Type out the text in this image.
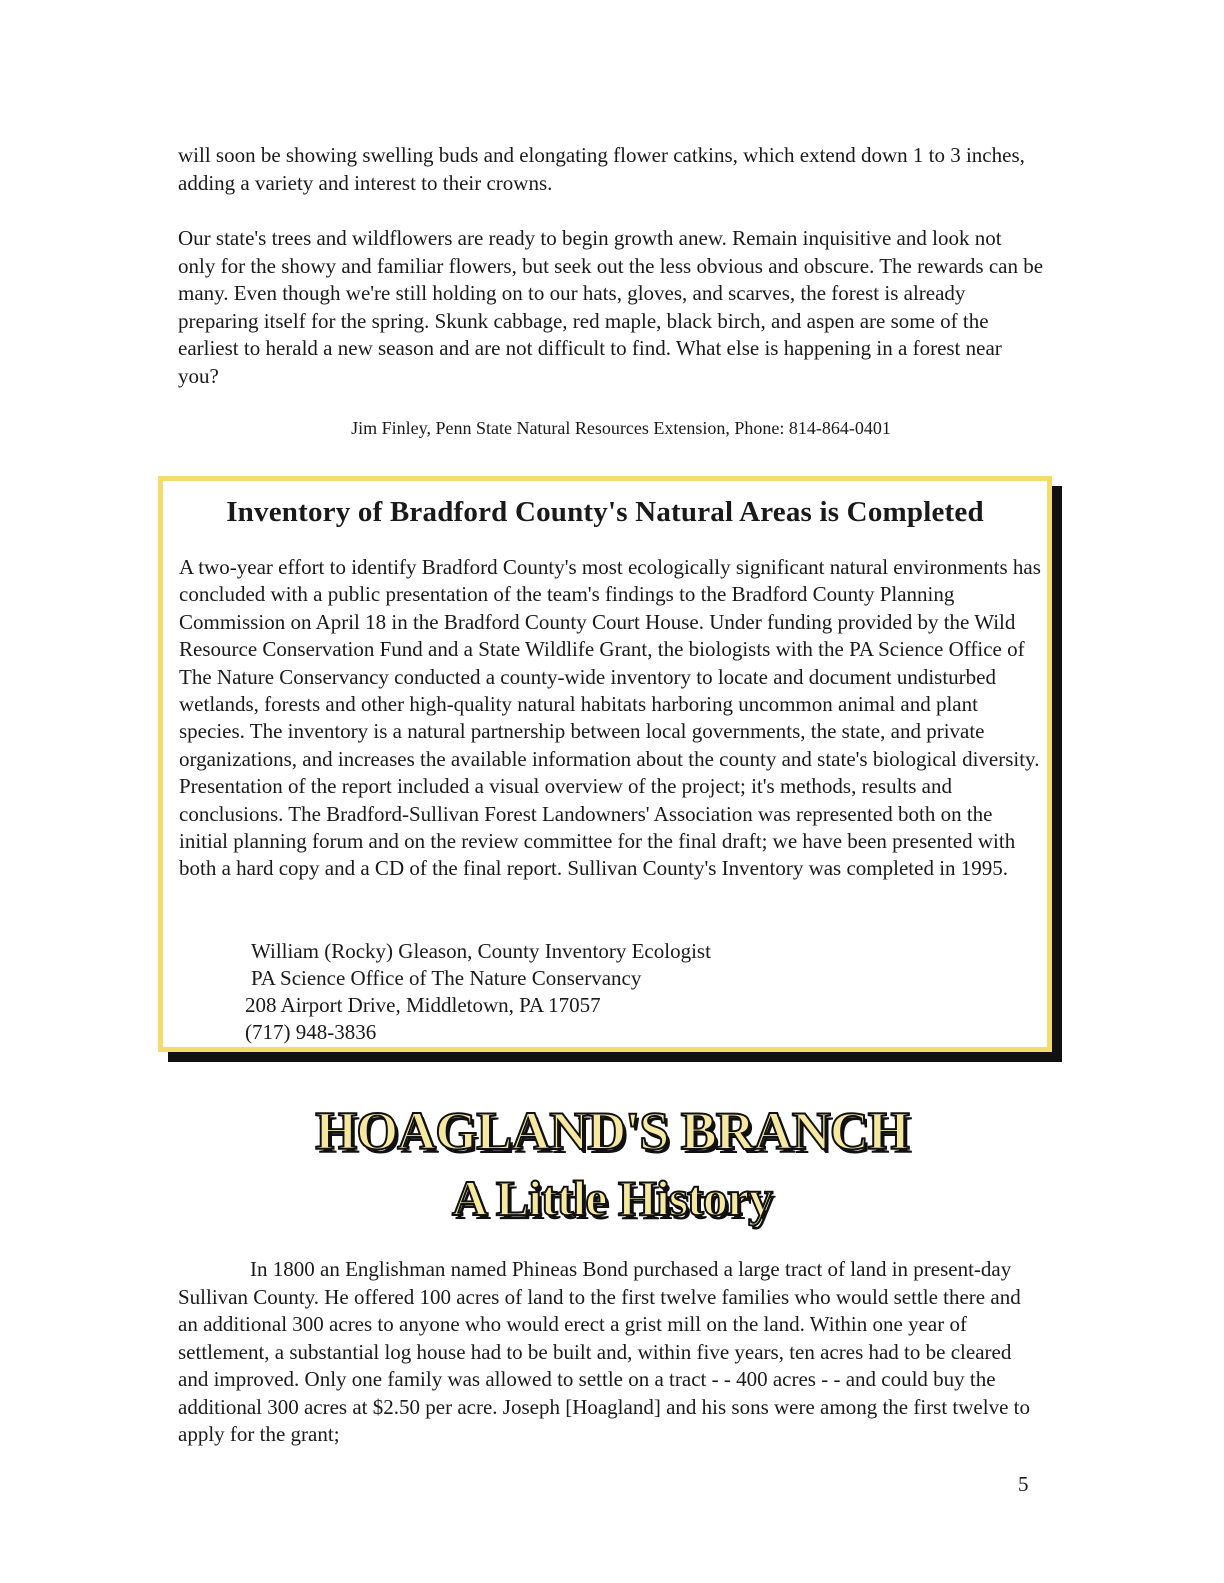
will soon be showing swelling buds and elongating flower catkins, which extend down 1 to 3 inches, adding a variety and interest to their crowns.

Our state's trees and wildflowers are ready to begin growth anew. Remain inquisitive and look not only for the showy and familiar flowers, but seek out the less obvious and obscure. The rewards can be many. Even though we're still holding on to our hats, gloves, and scarves, the forest is already preparing itself for the spring. Skunk cabbage, red maple, black birch, and aspen are some of the earliest to herald a new season and are not difficult to find. What else is happening in a forest near you?

Jim Finley, Penn State Natural Resources Extension, Phone: 814-864-0401
Inventory of Bradford County's Natural Areas is Completed

A two-year effort to identify Bradford County's most ecologically significant natural environments has concluded with a public presentation of the team's findings to the Bradford County Planning Commission on April 18 in the Bradford County Court House. Under funding provided by the Wild Resource Conservation Fund and a State Wildlife Grant, the biologists with the PA Science Office of The Nature Conservancy conducted a county-wide inventory to locate and document undisturbed wetlands, forests and other high-quality natural habitats harboring uncommon animal and plant species. The inventory is a natural partnership between local governments, the state, and private organizations, and increases the available information about the county and state's biological diversity. Presentation of the report included a visual overview of the project; it's methods, results and conclusions. The Bradford-Sullivan Forest Landowners' Association was represented both on the initial planning forum and on the review committee for the final draft; we have been presented with both a hard copy and a CD of the final report. Sullivan County's Inventory was completed in 1995.

William (Rocky) Gleason, County Inventory Ecologist
PA Science Office of The Nature Conservancy
208 Airport Drive, Middletown, PA 17057
(717) 948-3836
HOAGLAND'S BRANCH
A Little History

In 1800 an Englishman named Phineas Bond purchased a large tract of land in present-day Sullivan County. He offered 100 acres of land to the first twelve families who would settle there and an additional 300 acres to anyone who would erect a grist mill on the land. Within one year of settlement, a substantial log house had to be built and, within five years, ten acres had to be cleared and improved. Only one family was allowed to settle on a tract - - 400 acres - - and could buy the additional 300 acres at $2.50 per acre. Joseph [Hoagland] and his sons were among the first twelve to apply for the grant;

5
